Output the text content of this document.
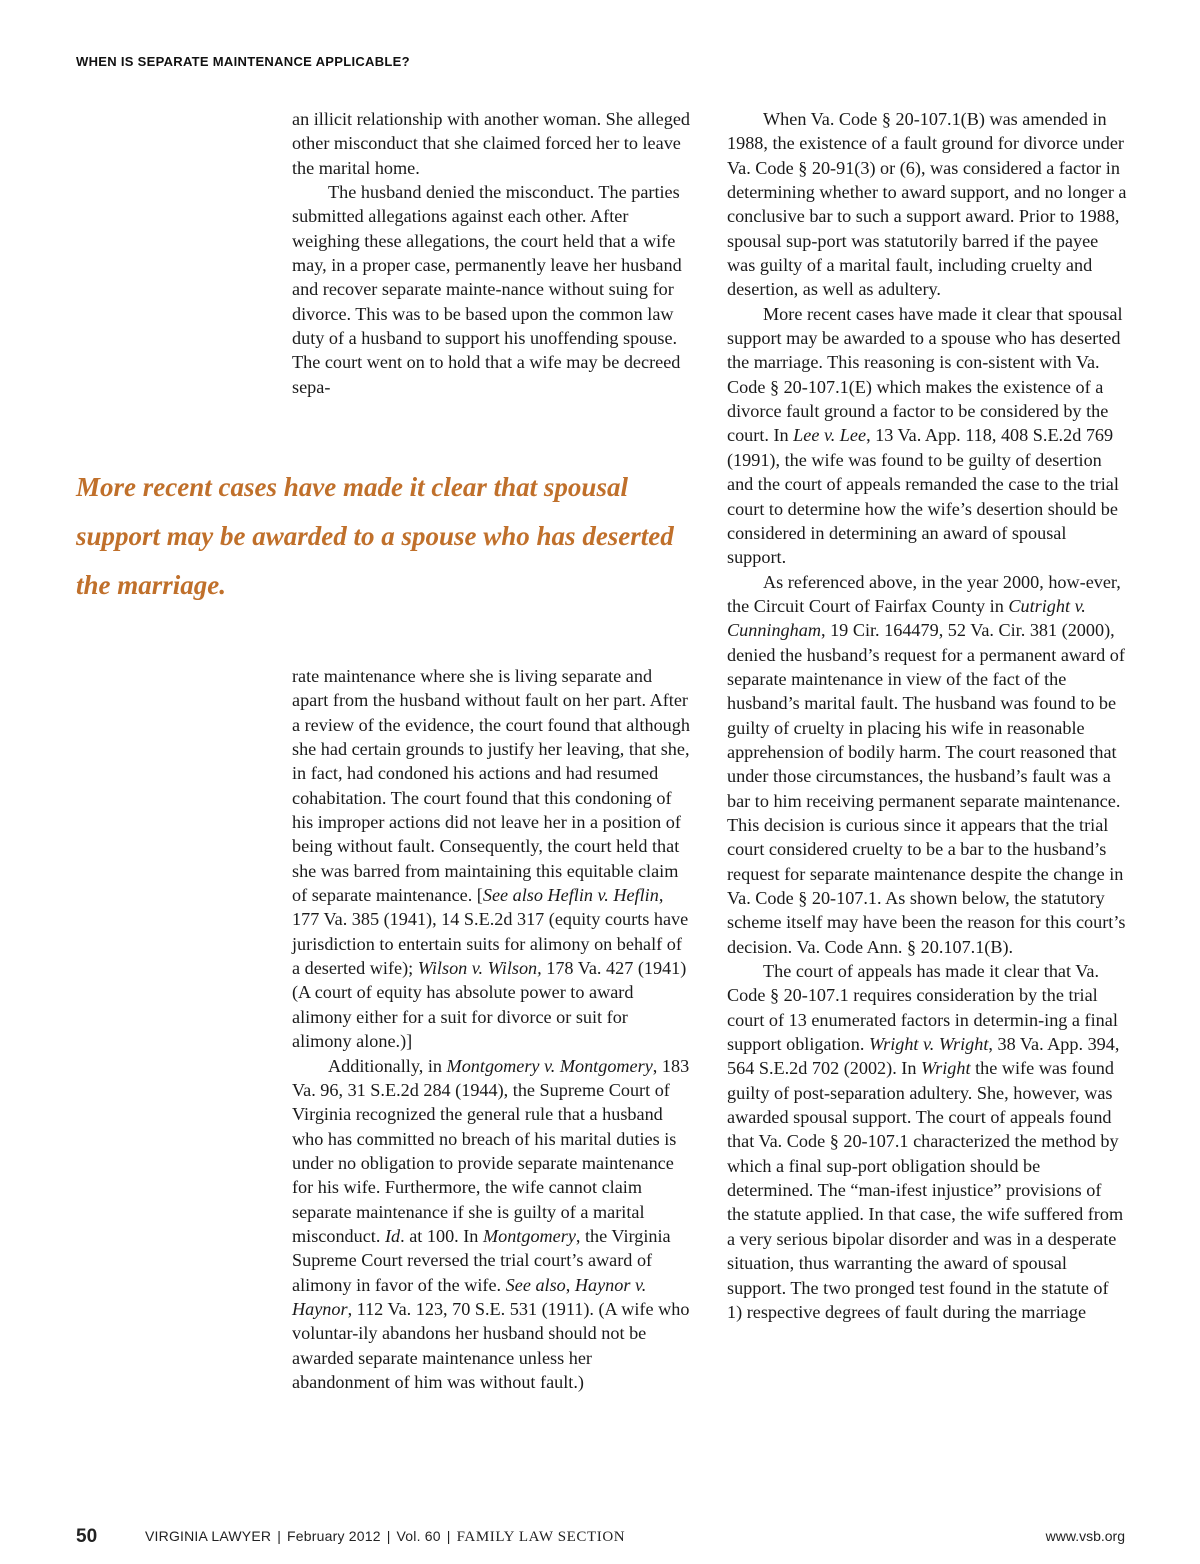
WHEN IS SEPARATE MAINTENANCE APPLICABLE?

an illicit relationship with another woman. She alleged other misconduct that she claimed forced her to leave the marital home.

The husband denied the misconduct. The parties submitted allegations against each other. After weighing these allegations, the court held that a wife may, in a proper case, permanently leave her husband and recover separate mainte-nance without suing for divorce. This was to be based upon the common law duty of a husband to support his unoffending spouse. The court went on to hold that a wife may be decreed sepa-

More recent cases have made it clear that spousal support may be awarded to a spouse who has deserted the marriage.

rate maintenance where she is living separate and apart from the husband without fault on her part. After a review of the evidence, the court found that although she had certain grounds to justify her leaving, that she, in fact, had condoned his actions and had resumed cohabitation. The court found that this condoning of his improper actions did not leave her in a position of being without fault. Consequently, the court held that she was barred from maintaining this equitable claim of separate maintenance. [See also Heflin v. Heflin, 177 Va. 385 (1941), 14 S.E.2d 317 (equity courts have jurisdiction to entertain suits for alimony on behalf of a deserted wife); Wilson v. Wilson, 178 Va. 427 (1941) (A court of equity has absolute power to award alimony either for a suit for divorce or suit for alimony alone.)]

Additionally, in Montgomery v. Montgomery, 183 Va. 96, 31 S.E.2d 284 (1944), the Supreme Court of Virginia recognized the general rule that a husband who has committed no breach of his marital duties is under no obligation to provide separate maintenance for his wife. Furthermore, the wife cannot claim separate maintenance if she is guilty of a marital misconduct. Id. at 100. In Montgomery, the Virginia Supreme Court reversed the trial court’s award of alimony in favor of the wife. See also, Haynor v. Haynor, 112 Va. 123, 70 S.E. 531 (1911). (A wife who voluntar-ily abandons her husband should not be awarded separate maintenance unless her abandonment of him was without fault.)

When Va. Code § 20-107.1(B) was amended in 1988, the existence of a fault ground for divorce under Va. Code § 20-91(3) or (6), was considered a factor in determining whether to award support, and no longer a conclusive bar to such a support award. Prior to 1988, spousal sup-port was statutorily barred if the payee was guilty of a marital fault, including cruelty and desertion, as well as adultery.

More recent cases have made it clear that spousal support may be awarded to a spouse who has deserted the marriage. This reasoning is con-sistent with Va. Code § 20-107.1(E) which makes the existence of a divorce fault ground a factor to be considered by the court. In Lee v. Lee, 13 Va. App. 118, 408 S.E.2d 769 (1991), the wife was found to be guilty of desertion and the court of appeals remanded the case to the trial court to determine how the wife’s desertion should be considered in determining an award of spousal support.

As referenced above, in the year 2000, how-ever, the Circuit Court of Fairfax County in Cutright v. Cunningham, 19 Cir. 164479, 52 Va. Cir. 381 (2000), denied the husband’s request for a permanent award of separate maintenance in view of the fact of the husband’s marital fault. The husband was found to be guilty of cruelty in placing his wife in reasonable apprehension of bodily harm. The court reasoned that under those circumstances, the husband’s fault was a bar to him receiving permanent separate maintenance. This decision is curious since it appears that the trial court considered cruelty to be a bar to the husband’s request for separate maintenance despite the change in Va. Code § 20-107.1. As shown below, the statutory scheme itself may have been the reason for this court’s decision. Va. Code Ann. § 20.107.1(B).

The court of appeals has made it clear that Va. Code § 20-107.1 requires consideration by the trial court of 13 enumerated factors in determin-ing a final support obligation. Wright v. Wright, 38 Va. App. 394, 564 S.E.2d 702 (2002). In Wright the wife was found guilty of post-separation adultery. She, however, was awarded spousal support. The court of appeals found that Va. Code § 20-107.1 characterized the method by which a final sup-port obligation should be determined. The “man-ifest injustice” provisions of the statute applied. In that case, the wife suffered from a very serious bipolar disorder and was in a desperate situation, thus warranting the award of spousal support. The two pronged test found in the statute of 1) respective degrees of fault during the marriage

50	VIRGINIA LAWYER | February 2012 | Vol. 60 | FAMILY LAW SECTION	www.vsb.org
